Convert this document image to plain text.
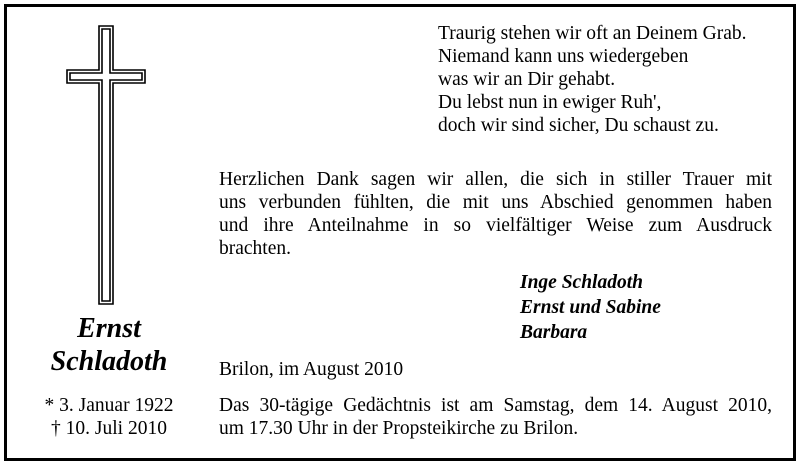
Ernst
Schladoth
* 3. Januar 1922
† 10. Juli 2010
Traurig stehen wir oft an Deinem Grab.
Niemand kann uns wiedergeben
was wir an Dir gehabt.
Du lebst nun in ewiger Ruh',
doch wir sind sicher, Du schaust zu.
Herzlichen Dank sagen wir allen, die sich in stiller Trauer mit
uns verbunden fühlten, die mit uns Abschied genommen haben
und ihre Anteilnahme in so vielfältiger Weise zum Ausdruck
brachten.
Inge Schladoth
Ernst und Sabine
Barbara
Brilon, im August 2010
Das 30-tägige Gedächtnis ist am Samstag, dem 14. August 2010,
um 17.30 Uhr in der Propsteikirche zu Brilon.
